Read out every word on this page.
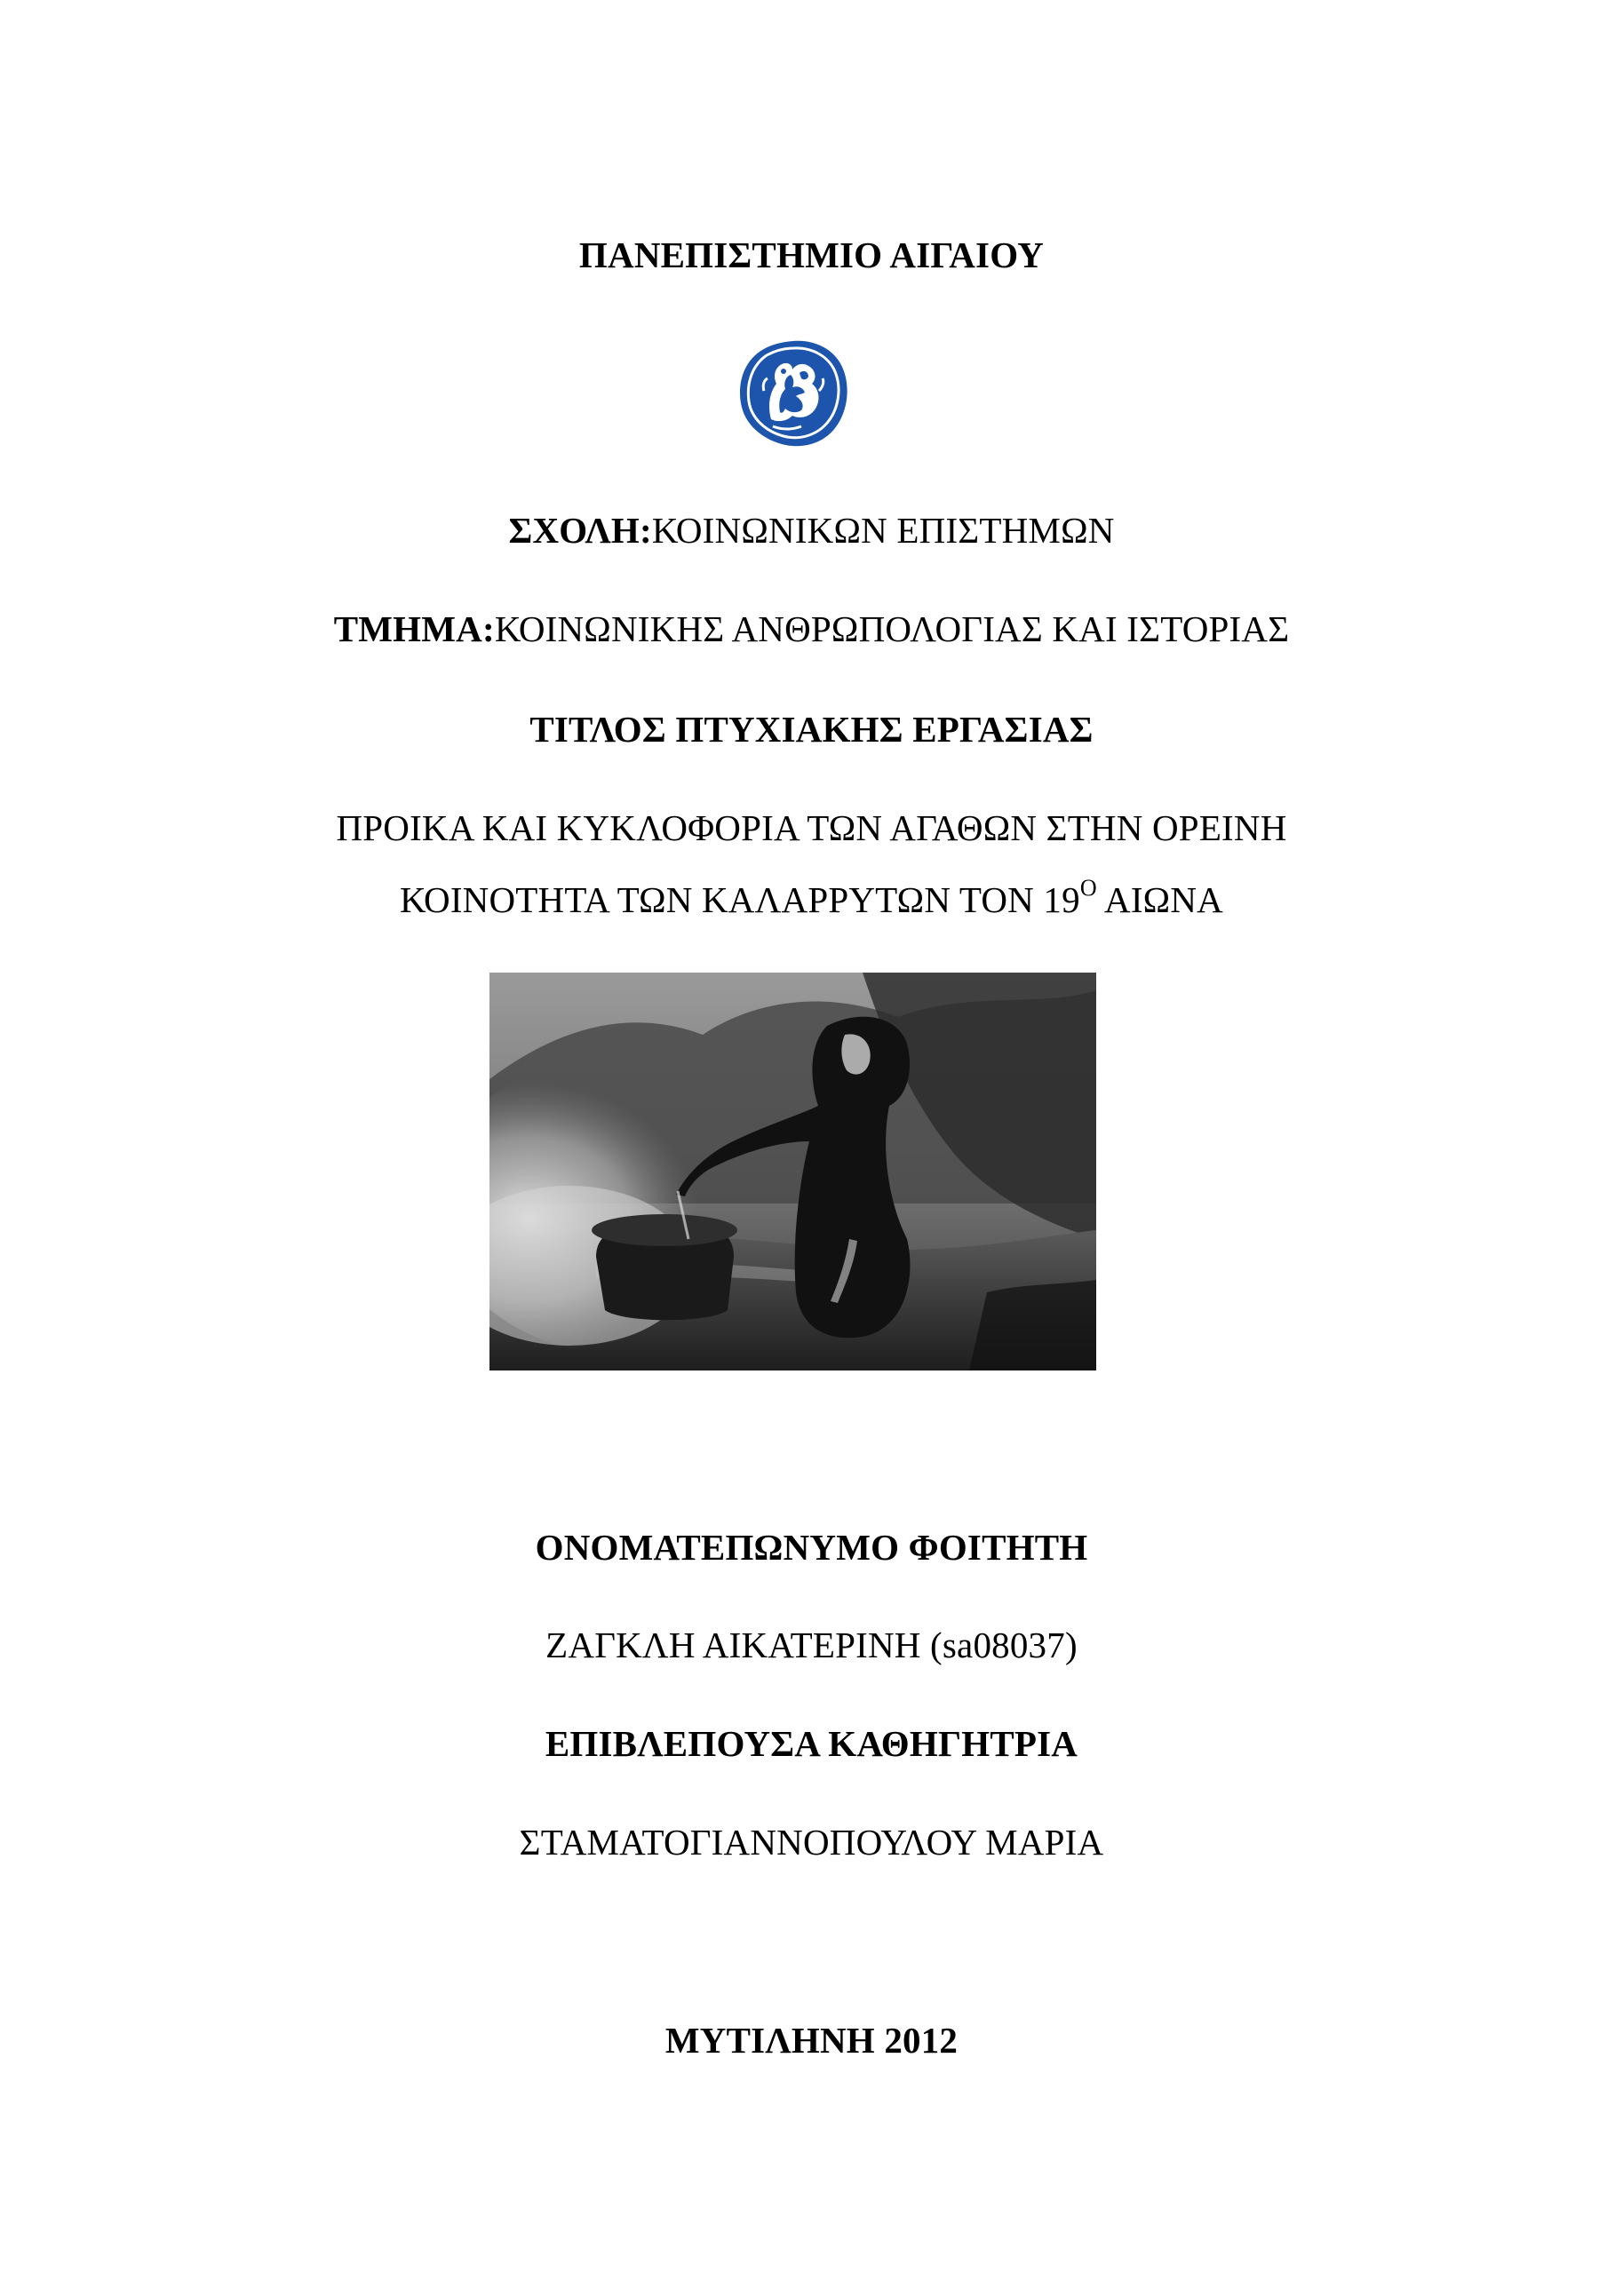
ΠΑΝΕΠΙΣΤΗΜΙΟ ΑΙΓΑΙΟΥ
ΣΧΟΛΗ:ΚΟΙΝΩΝΙΚΩΝ ΕΠΙΣΤΗΜΩΝ
ΤΜΗΜΑ:ΚΟΙΝΩΝΙΚΗΣ ΑΝΘΡΩΠΟΛΟΓΙΑΣ ΚΑΙ ΙΣΤΟΡΙΑΣ
ΤΙΤΛΟΣ ΠΤΥΧΙΑΚΗΣ ΕΡΓΑΣΙΑΣ
ΠΡΟΙΚΑ ΚΑΙ ΚΥΚΛΟΦΟΡΙΑ ΤΩΝ ΑΓΑΘΩΝ ΣΤΗΝ ΟΡΕΙΝΗ
ΚΟΙΝΟΤΗΤΑ ΤΩΝ ΚΑΛΑΡΡΥΤΩΝ ΤΟΝ $19^O$ ΑΙΩΝΑ
ΟΝΟΜΑΤΕΠΩΝΥΜΟ ΦΟΙΤΗΤΗ
ΖΑΓΚΛΗ ΑΙΚΑΤΕΡΙΝΗ (sa08037)
ΕΠΙΒΛΕΠΟΥΣΑ ΚΑΘΗΓΗΤΡΙΑ
ΣΤΑΜΑΤΟΓΙΑΝΝΟΠΟΥΛΟΥ ΜΑΡΙΑ
ΜΥΤΙΛΗΝΗ 2012
